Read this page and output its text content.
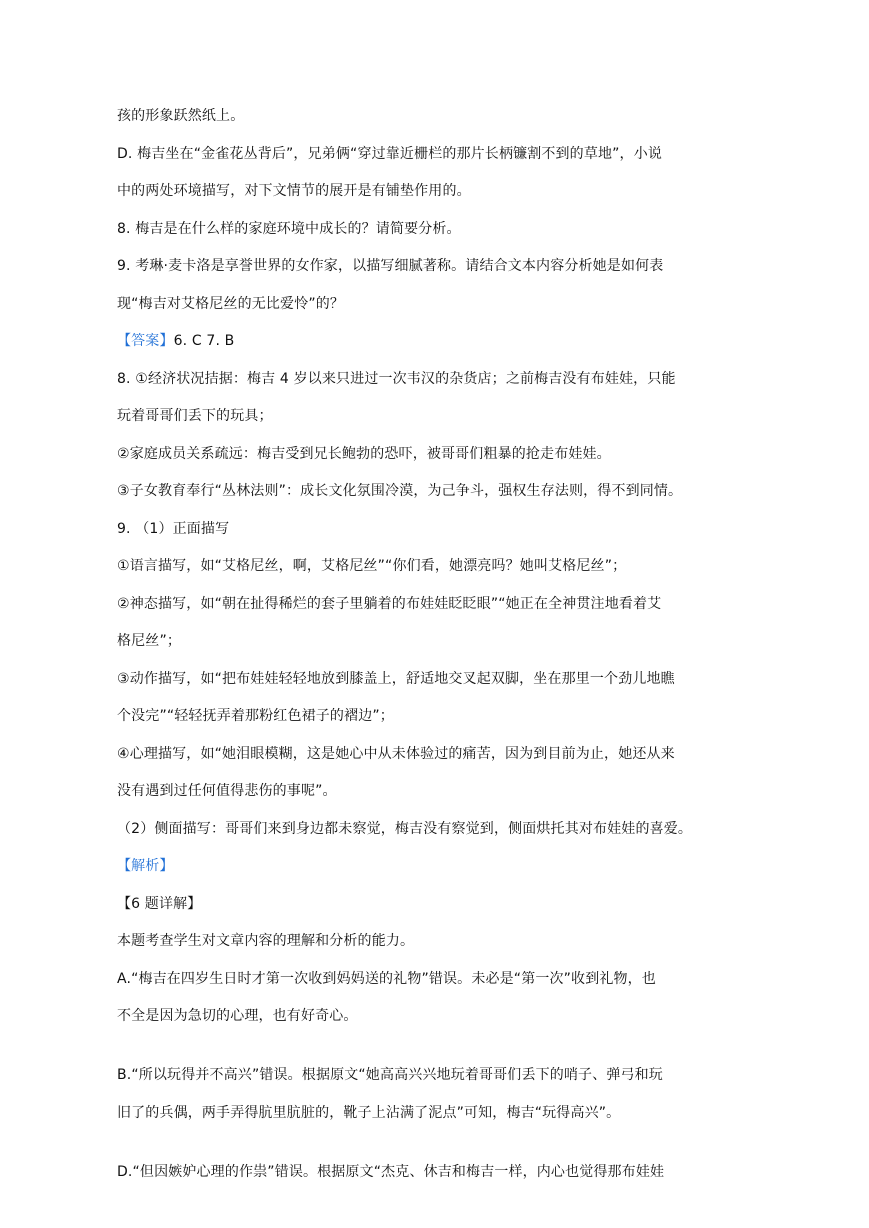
孩的形象跃然纸上。
D. 梅吉坐在“金雀花丛背后”，兄弟俩“穿过靠近栅栏的那片长柄镰割不到的草地”，小说
中的两处环境描写，对下文情节的展开是有铺垫作用的。
8. 梅吉是在什么样的家庭环境中成长的？请简要分析。
9. 考琳·麦卡洛是享誉世界的女作家，以描写细腻著称。请结合文本内容分析她是如何表
现“梅吉对艾格尼丝的无比爱怜”的？
【答案】6. C 7. B
8. ①经济状况拮据：梅吉 4 岁以来只进过一次韦汉的杂货店；之前梅吉没有布娃娃，只能
玩着哥哥们丢下的玩具；
②家庭成员关系疏远：梅吉受到兄长鲍勃的恐吓，被哥哥们粗暴的抢走布娃娃。
③子女教育奉行“丛林法则”：成长文化氛围冷漠，为己争斗，强权生存法则，得不到同情。
9. （1）正面描写
①语言描写，如“艾格尼丝，啊，艾格尼丝”“你们看，她漂亮吗？她叫艾格尼丝”；
②神态描写，如“朝在扯得稀烂的套子里躺着的布娃娃眨眨眼”“她正在全神贯注地看着艾
格尼丝”；
③动作描写，如“把布娃娃轻轻地放到膝盖上，舒适地交叉起双脚，坐在那里一个劲儿地瞧
个没完”“轻轻抚弄着那粉红色裙子的褶边”；
④心理描写，如“她泪眼模糊，这是她心中从未体验过的痛苦，因为到目前为止，她还从来
没有遇到过任何值得悲伤的事呢”。
（2）侧面描写：哥哥们来到身边都未察觉，梅吉没有察觉到，侧面烘托其对布娃娃的喜爱。
【解析】
【6 题详解】
本题考查学生对文章内容的理解和分析的能力。
A.“梅吉在四岁生日时才第一次收到妈妈送的礼物”错误。未必是“第一次”收到礼物，也
不全是因为急切的心理，也有好奇心。
B.“所以玩得并不高兴”错误。根据原文“她高高兴兴地玩着哥哥们丢下的哨子、弹弓和玩
旧了的兵偶，两手弄得肮里肮脏的，靴子上沾满了泥点”可知，梅吉“玩得高兴”。
D.“但因嫉妒心理的作祟”错误。根据原文“杰克、休吉和梅吉一样，内心也觉得那布娃娃
